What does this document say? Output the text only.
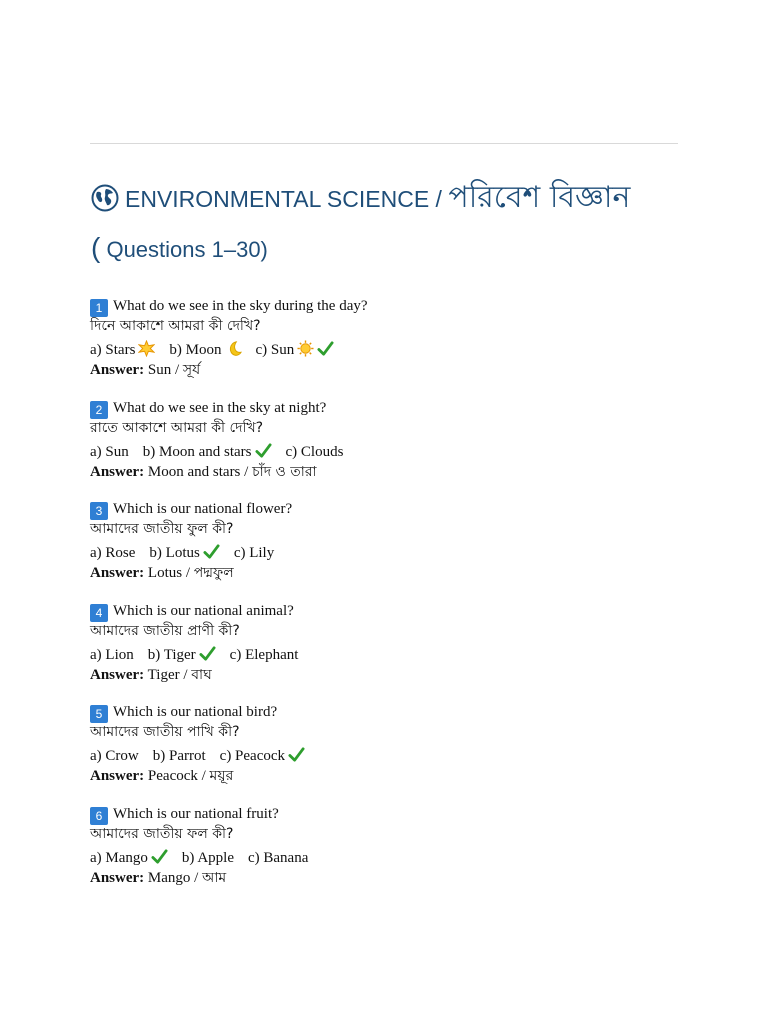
ENVIRONMENTAL SCIENCE / পরিবেশ বিজ্ঞান
( Questions 1–30)
1 What do we see in the sky during the day?
দিনে আকাশে আমরা কী দেখি?
a) Stars b) Moon c) Sun
Answer: Sun / সূর্য
2 What do we see in the sky at night?
রাতে আকাশে আমরা কী দেখি?
a) Sun b) Moon and stars c) Clouds
Answer: Moon and stars / চাঁদ ও তারা
3 Which is our national flower?
আমাদের জাতীয় ফুল কী?
a) Rose b) Lotus c) Lily
Answer: Lotus / পদ্মফুল
4 Which is our national animal?
আমাদের জাতীয় প্রাণী কী?
a) Lion b) Tiger c) Elephant
Answer: Tiger / বাঘ
5 Which is our national bird?
আমাদের জাতীয় পাখি কী?
a) Crow b) Parrot c) Peacock
Answer: Peacock / ময়ূর
6 Which is our national fruit?
আমাদের জাতীয় ফল কী?
a) Mango b) Apple c) Banana
Answer: Mango / আম
